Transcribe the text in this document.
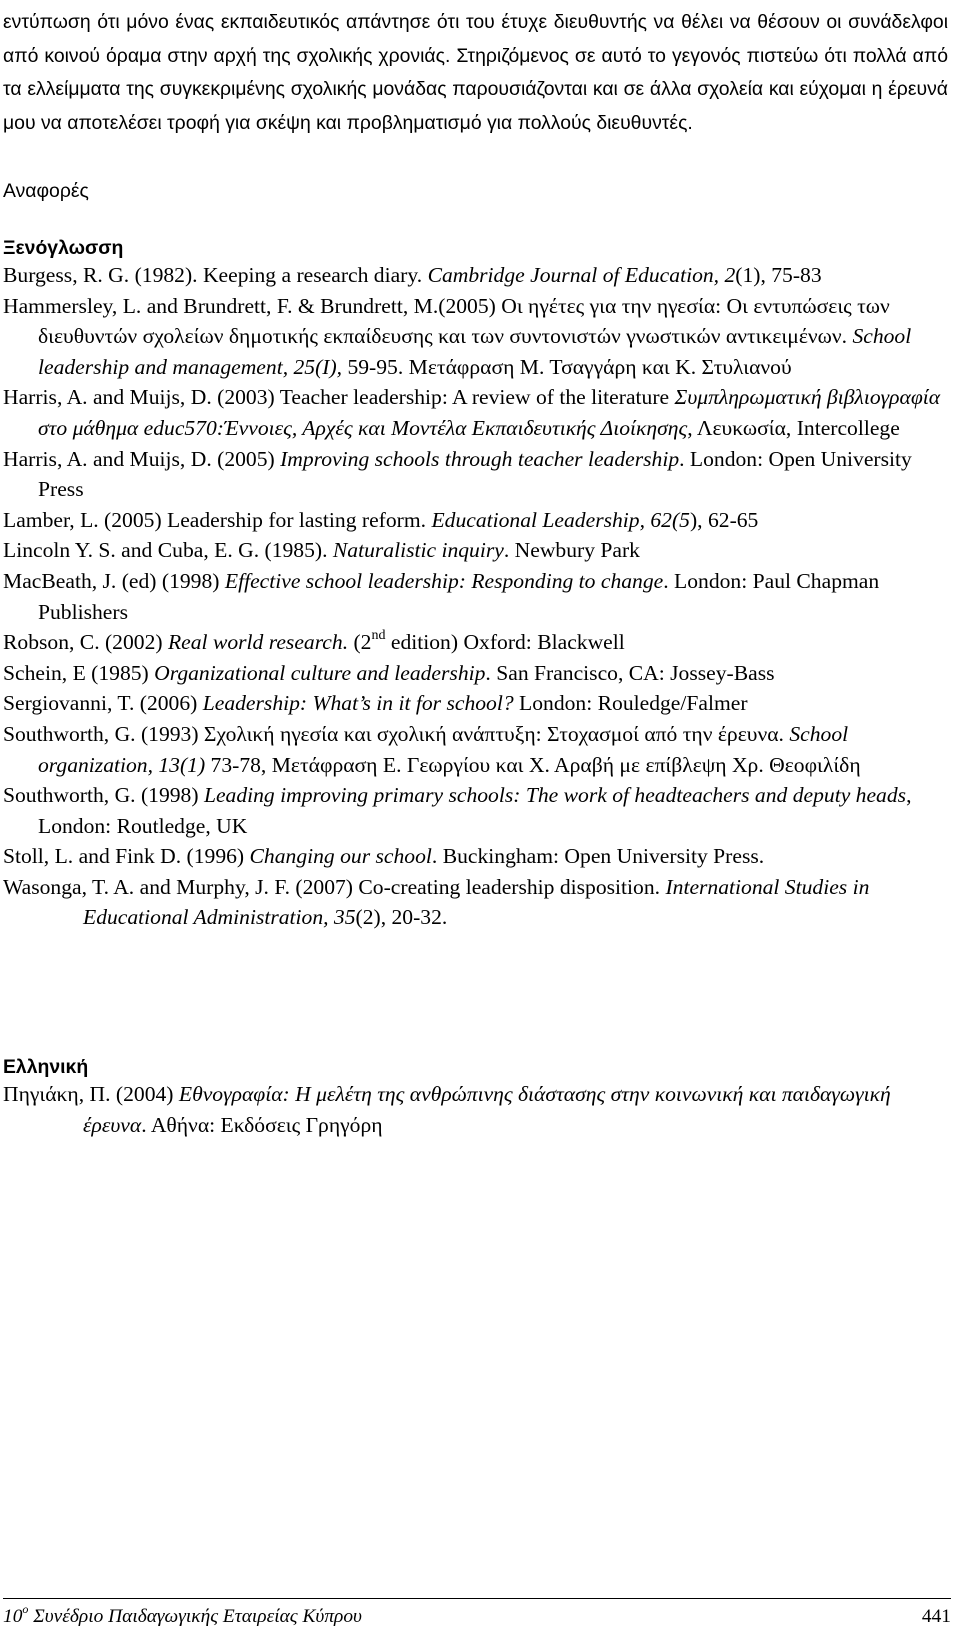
εντύπωση ότι μόνο ένας εκπαιδευτικός απάντησε ότι του έτυχε διευθυντής να θέλει να θέσουν οι συνάδελφοι από κοινού όραμα στην αρχή της σχολικής χρονιάς. Στηριζόμενος σε αυτό το γεγονός πιστεύω ότι πολλά από τα ελλείμματα της συγκεκριμένης σχολικής μονάδας παρουσιάζονται και σε άλλα σχολεία και εύχομαι η έρευνά μου να αποτελέσει τροφή για σκέψη και προβληματισμό για πολλούς διευθυντές.

Αναφορές
Ξενόγλωσση

Burgess, R. G. (1982). Keeping a research diary. Cambridge Journal of Education, 2(1), 75-83

Hammersley, L. and Brundrett, F. & Brundrett, M.(2005) Οι ηγέτες για την ηγεσία: Οι εντυπώσεις των διευθυντών σχολείων δημοτικής εκπαίδευσης και των συντονιστών γνωστικών αντικειμένων. School leadership and management, 25(I), 59-95. Μετάφραση Μ. Τσαγγάρη και Κ. Στυλιανού

Harris, A. and Muijs, D. (2003) Teacher leadership: A review of the literature Συμπληρωματική βιβλιογραφία στο μάθημα educ570:Έννοιες, Αρχές και Μοντέλα Εκπαιδευτικής Διοίκησης, Λευκωσία, Intercollege

Harris, A. and Muijs, D. (2005) Improving schools through teacher leadership. London: Open University Press

Lamber, L. (2005) Leadership for lasting reform. Educational Leadership, 62(5), 62-65

Lincoln Y. S. and Cuba, E. G. (1985). Naturalistic inquiry. Newbury Park

MacBeath, J. (ed) (1998) Effective school leadership: Responding to change. London: Paul Chapman Publishers

Robson, C. (2002) Real world research. (2nd edition) Oxford: Blackwell

Schein, E (1985) Organizational culture and leadership. San Francisco, CA: Jossey-Bass

Sergiovanni, T. (2006) Leadership: What’s in it for school? London: Rouledge/Falmer

Southworth, G. (1993) Σχολική ηγεσία και σχολική ανάπτυξη: Στοχασμοί από την έρευνα. School organization, 13(1) 73-78, Μετάφραση Ε. Γεωργίου και Χ. Αραβή με επίβλεψη Χρ. Θεοφιλίδη

Southworth, G. (1998) Leading improving primary schools: The work of headteachers and deputy heads, London: Routledge, UK

Stoll, L. and Fink D. (1996) Changing our school. Buckingham: Open University Press.

Wasonga, T. A. and Murphy, J. F. (2007) Co-creating leadership disposition. International Studies in Educational Administration, 35(2), 20-32.

Ελληνική

Πηγιάκη, Π. (2004) Εθνογραφία: Η μελέτη της ανθρώπινης διάστασης στην κοινωνική και παιδαγωγική έρευνα. Αθήνα: Εκδόσεις Γρηγόρη

$10^o$ Συνέδριο Παιδαγωγικής Εταιρείας Κύπρου	441
